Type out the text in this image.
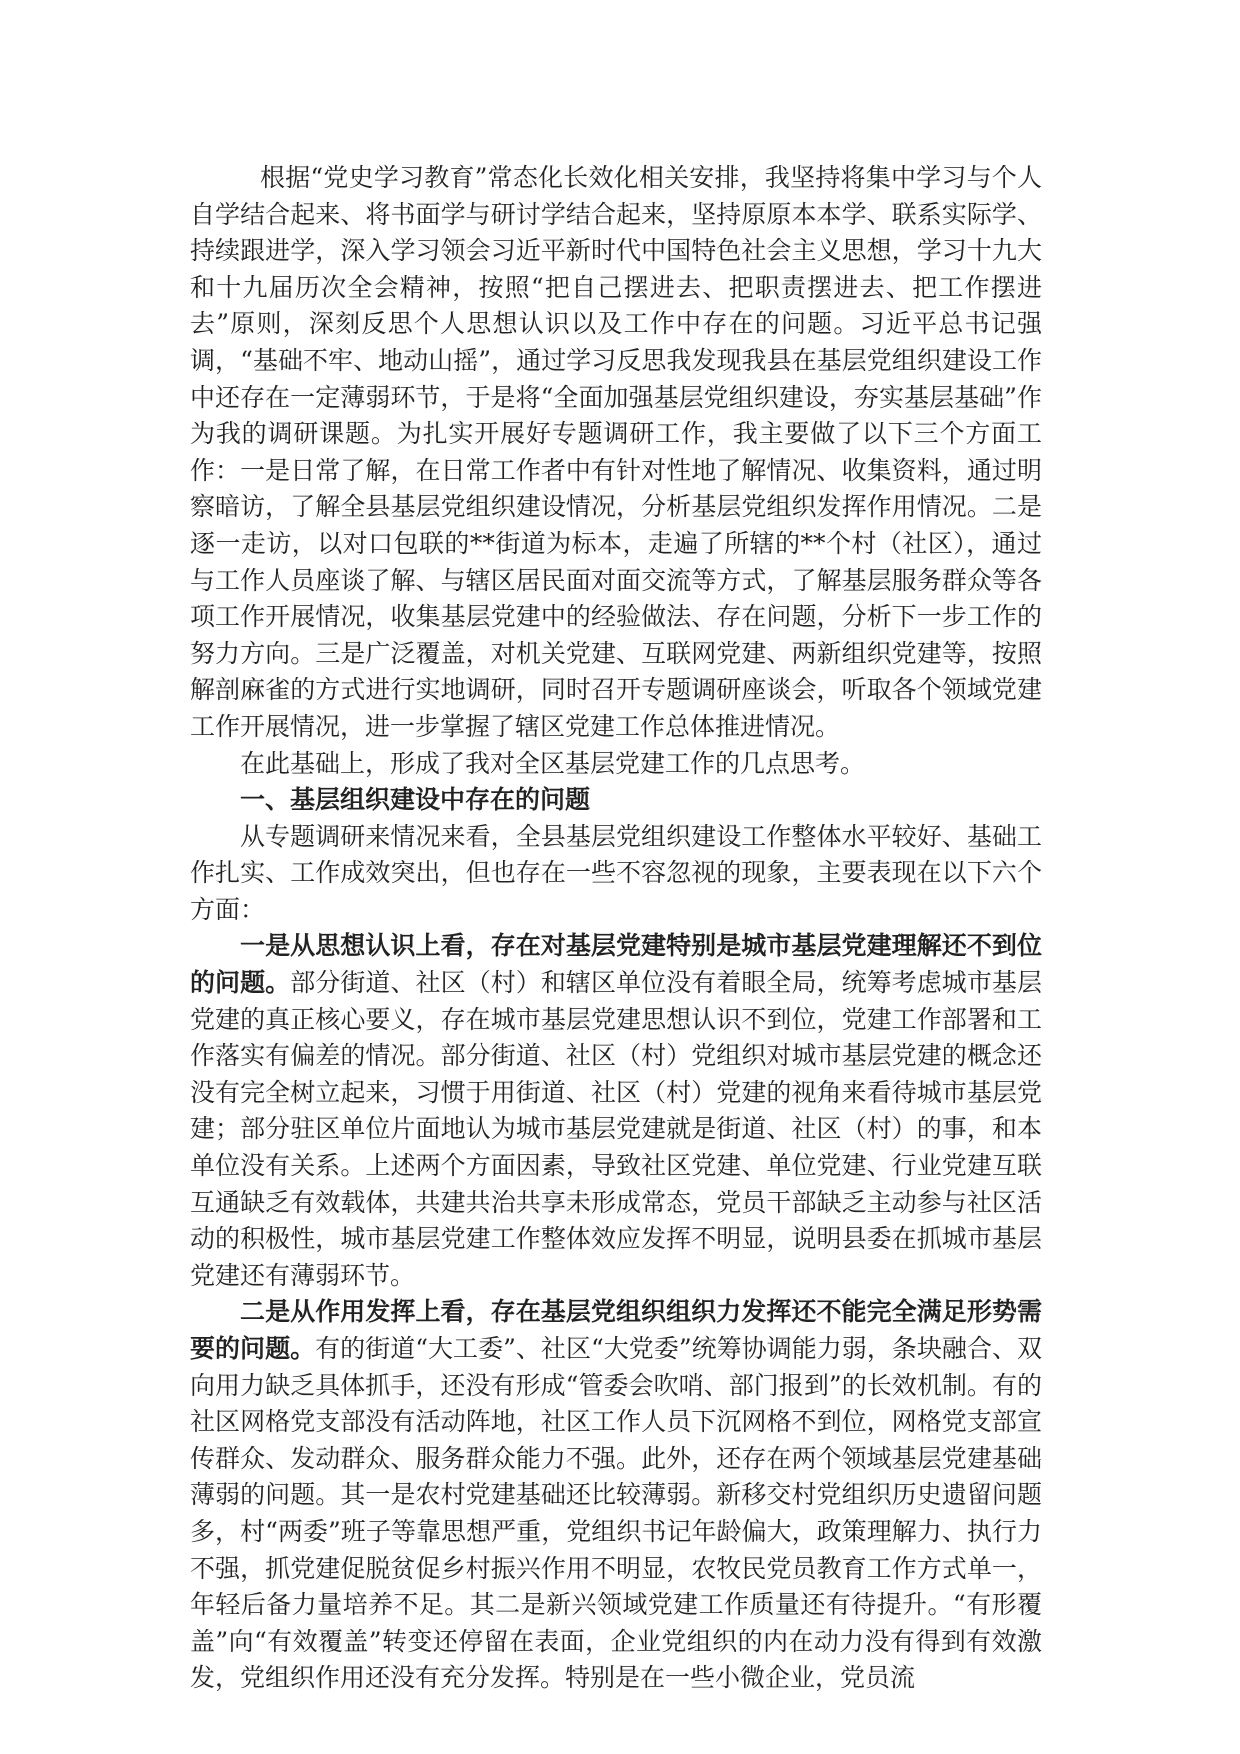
根据“党史学习教育”常态化长效化相关安排，我坚持将集中学习与个人自学结合起来、将书面学与研讨学结合起来，坚持原原本本学、联系实际学、持续跟进学，深入学习领会习近平新时代中国特色社会主义思想，学习十九大和十九届历次全会精神，按照“把自己摆进去、把职责摆进去、把工作摆进去”原则，深刻反思个人思想认识以及工作中存在的问题。习近平总书记强调，“基础不牢、地动山摇”，通过学习反思我发现我县在基层党组织建设工作中还存在一定薄弱环节，于是将“全面加强基层党组织建设，夯实基层基础”作为我的调研课题。为扎实开展好专题调研工作，我主要做了以下三个方面工作：一是日常了解，在日常工作者中有针对性地了解情况、收集资料，通过明察暗访，了解全县基层党组织建设情况，分析基层党组织发挥作用情况。二是逐一走访，以对口包联的**街道为标本，走遍了所辖的**个村（社区），通过与工作人员座谈了解、与辖区居民面对面交流等方式，了解基层服务群众等各项工作开展情况，收集基层党建中的经验做法、存在问题，分析下一步工作的努力方向。三是广泛覆盖，对机关党建、互联网党建、两新组织党建等，按照解剖麻雀的方式进行实地调研，同时召开专题调研座谈会，听取各个领域党建工作开展情况，进一步掌握了辖区党建工作总体推进情况。

在此基础上，形成了我对全区基层党建工作的几点思考。

一、基层组织建设中存在的问题

从专题调研来情况来看，全县基层党组织建设工作整体水平较好、基础工作扎实、工作成效突出，但也存在一些不容忽视的现象，主要表现在以下六个方面：

一是从思想认识上看，存在对基层党建特别是城市基层党建理解还不到位的问题。部分街道、社区（村）和辖区单位没有着眼全局，统筹考虑城市基层党建的真正核心要义，存在城市基层党建思想认识不到位，党建工作部署和工作落实有偏差的情况。部分街道、社区（村）党组织对城市基层党建的概念还没有完全树立起来，习惯于用街道、社区（村）党建的视角来看待城市基层党建；部分驻区单位片面地认为城市基层党建就是街道、社区（村）的事，和本单位没有关系。上述两个方面因素，导致社区党建、单位党建、行业党建互联互通缺乏有效载体，共建共治共享未形成常态，党员干部缺乏主动参与社区活动的积极性，城市基层党建工作整体效应发挥不明显，说明县委在抓城市基层党建还有薄弱环节。

二是从作用发挥上看，存在基层党组织组织力发挥还不能完全满足形势需要的问题。有的街道“大工委”、社区“大党委”统筹协调能力弱，条块融合、双向用力缺乏具体抓手，还没有形成“管委会吹哨、部门报到”的长效机制。有的社区网格党支部没有活动阵地，社区工作人员下沉网格不到位，网格党支部宣传群众、发动群众、服务群众能力不强。此外，还存在两个领域基层党建基础薄弱的问题。其一是农村党建基础还比较薄弱。新移交村党组织历史遗留问题多，村“两委”班子等靠思想严重，党组织书记年龄偏大，政策理解力、执行力不强，抓党建促脱贫促乡村振兴作用不明显，农牧民党员教育工作方式单一，年轻后备力量培养不足。其二是新兴领域党建工作质量还有待提升。“有形覆盖”向“有效覆盖”转变还停留在表面，企业党组织的内在动力没有得到有效激发，党组织作用还没有充分发挥。特别是在一些小微企业，党员流
